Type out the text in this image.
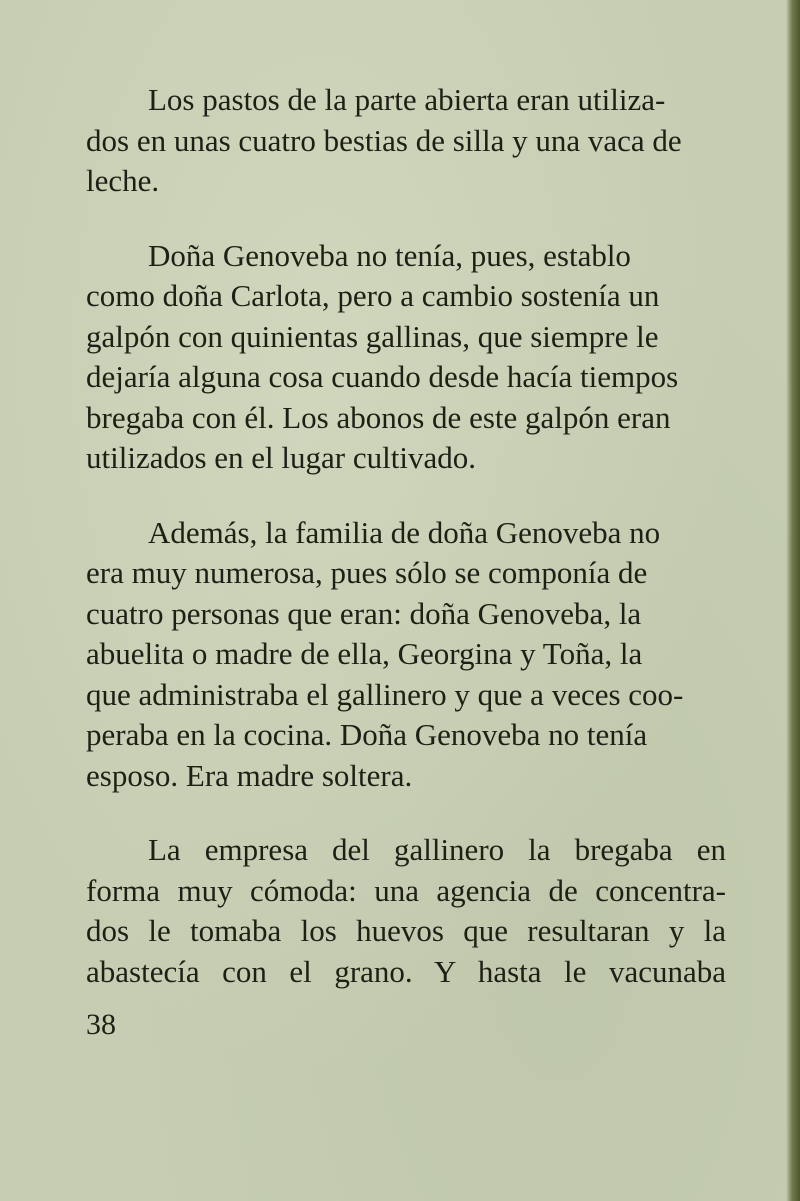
Los pastos de la parte abierta eran utiliza-
dos en unas cuatro bestias de silla y una vaca de
leche.

Doña Genoveba no tenía, pues, establo
como doña Carlota, pero a cambio sostenía un
galpón con quinientas gallinas, que siempre le
dejaría alguna cosa cuando desde hacía tiempos
bregaba con él. Los abonos de este galpón eran
utilizados en el lugar cultivado.

Además, la familia de doña Genoveba no
era muy numerosa, pues sólo se componía de
cuatro personas que eran: doña Genoveba, la
abuelita o madre de ella, Georgina y Toña, la
que administraba el gallinero y que a veces coo-
peraba en la cocina. Doña Genoveba no tenía
esposo. Era madre soltera.

La empresa del gallinero la bregaba en
forma muy cómoda: una agencia de concentra-
dos le tomaba los huevos que resultaran y la
abastecía con el grano. Y hasta le vacunaba

38
